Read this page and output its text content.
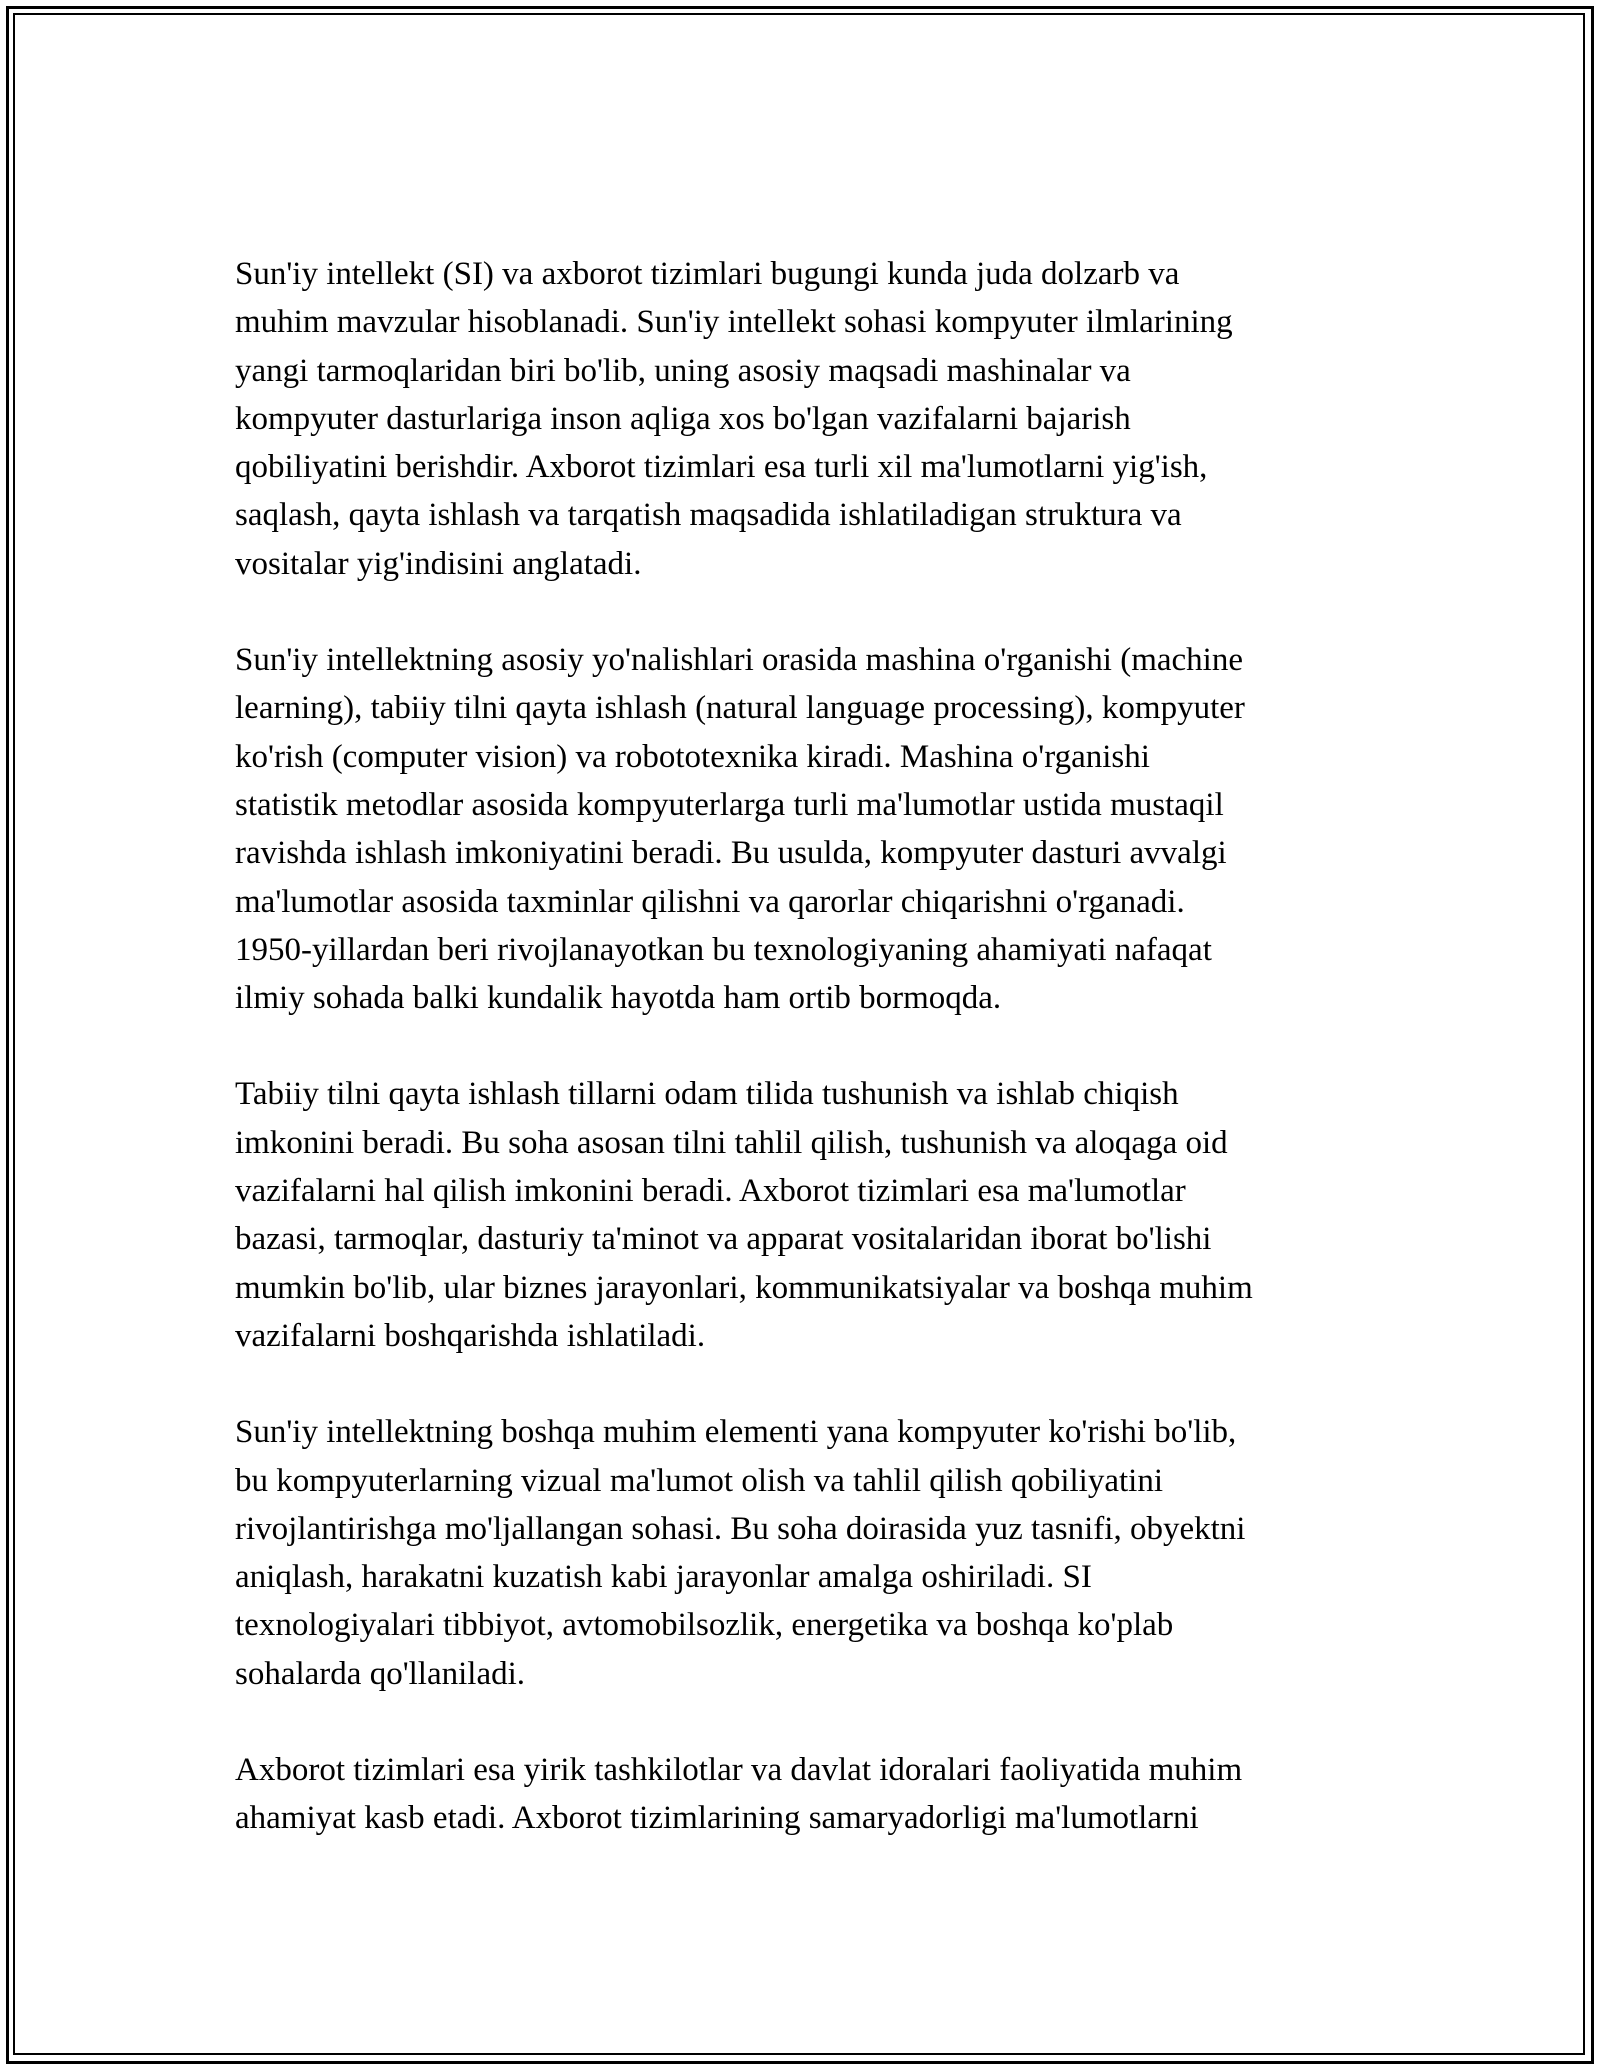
Sun'iy intellekt (SI) va axborot tizimlari bugungi kunda juda dolzarb va
muhim mavzular hisoblanadi. Sun'iy intellekt sohasi kompyuter ilmlarining
yangi tarmoqlaridan biri bo'lib, uning asosiy maqsadi mashinalar va
kompyuter dasturlariga inson aqliga xos bo'lgan vazifalarni bajarish
qobiliyatini berishdir. Axborot tizimlari esa turli xil ma'lumotlarni yig'ish,
saqlash, qayta ishlash va tarqatish maqsadida ishlatiladigan struktura va
vositalar yig'indisini anglatadi.

Sun'iy intellektning asosiy yo'nalishlari orasida mashina o'rganishi (machine
learning), tabiiy tilni qayta ishlash (natural language processing), kompyuter
ko'rish (computer vision) va robototexnika kiradi. Mashina o'rganishi
statistik metodlar asosida kompyuterlarga turli ma'lumotlar ustida mustaqil
ravishda ishlash imkoniyatini beradi. Bu usulda, kompyuter dasturi avvalgi
ma'lumotlar asosida taxminlar qilishni va qarorlar chiqarishni o'rganadi.
1950-yillardan beri rivojlanayotkan bu texnologiyaning ahamiyati nafaqat
ilmiy sohada balki kundalik hayotda ham ortib bormoqda.

Tabiiy tilni qayta ishlash tillarni odam tilida tushunish va ishlab chiqish
imkonini beradi. Bu soha asosan tilni tahlil qilish, tushunish va aloqaga oid
vazifalarni hal qilish imkonini beradi. Axborot tizimlari esa ma'lumotlar
bazasi, tarmoqlar, dasturiy ta'minot va apparat vositalaridan iborat bo'lishi
mumkin bo'lib, ular biznes jarayonlari, kommunikatsiyalar va boshqa muhim
vazifalarni boshqarishda ishlatiladi.

Sun'iy intellektning boshqa muhim elementi yana kompyuter ko'rishi bo'lib,
bu kompyuterlarning vizual ma'lumot olish va tahlil qilish qobiliyatini
rivojlantirishga mo'ljallangan sohasi. Bu soha doirasida yuz tasnifi, obyektni
aniqlash, harakatni kuzatish kabi jarayonlar amalga oshiriladi. SI
texnologiyalari tibbiyot, avtomobilsozlik, energetika va boshqa ko'plab
sohalarda qo'llaniladi.

Axborot tizimlari esa yirik tashkilotlar va davlat idoralari faoliyatida muhim
ahamiyat kasb etadi. Axborot tizimlarining samaryadorligi ma'lumotlarni
